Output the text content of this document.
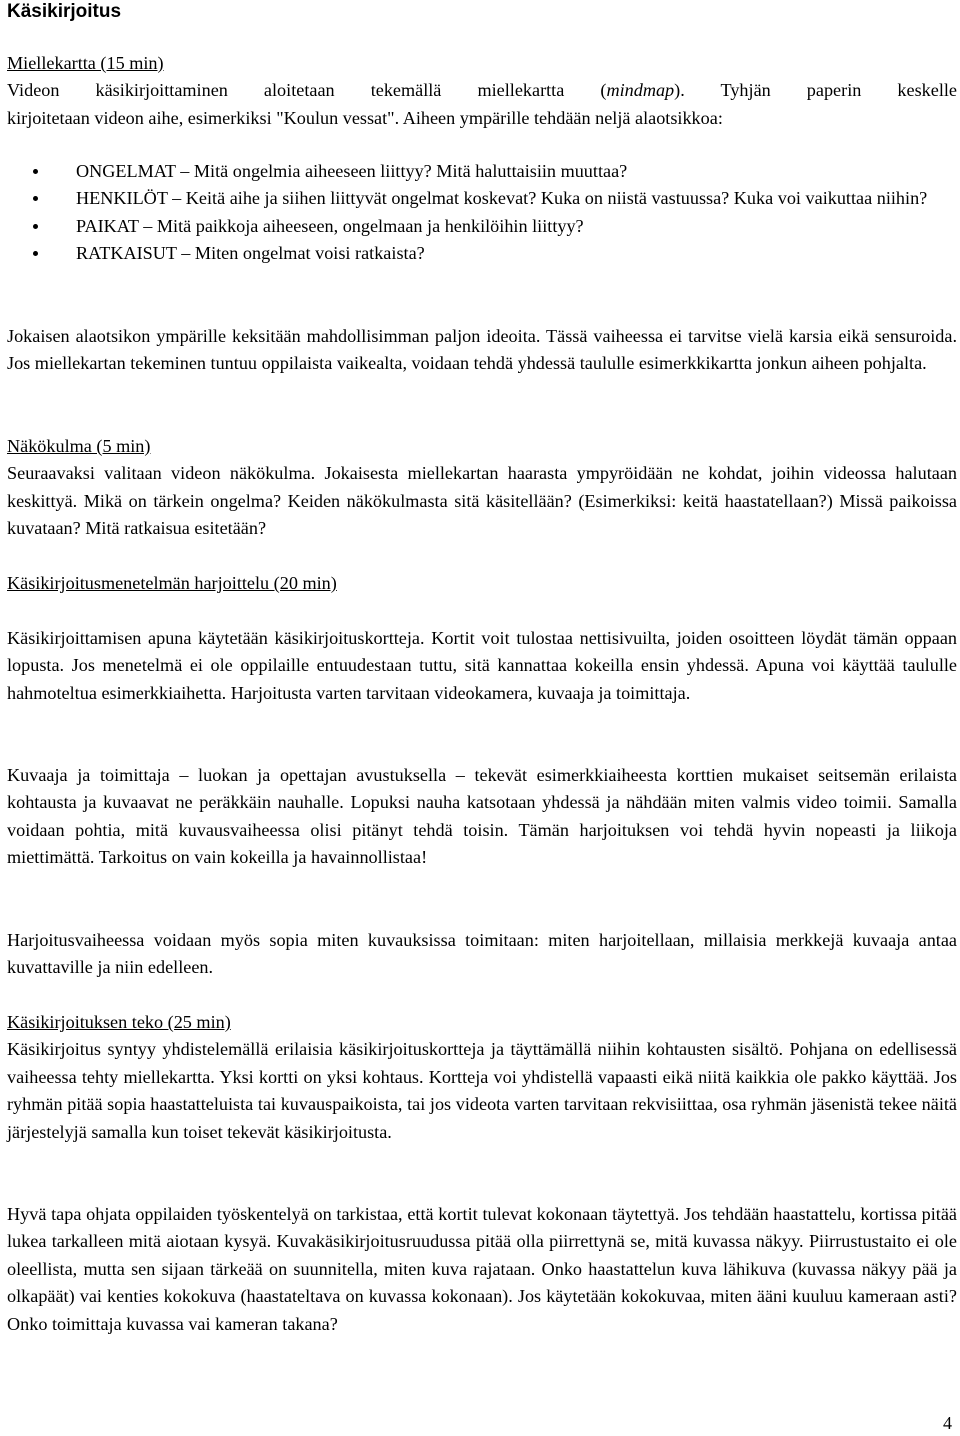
Käsikirjoitus
Miellekartta (15 min)

Videon käsikirjoittaminen aloitetaan tekemällä miellekartta (mindmap). Tyhjän paperin keskelle

kirjoitetaan videon aihe, esimerkiksi "Koulun vessat". Aiheen ympärille tehdään neljä alaotsikkoa:

ONGELMAT – Mitä ongelmia aiheeseen liittyy? Mitä haluttaisiin muuttaa?
HENKILÖT – Keitä aihe ja siihen liittyvät ongelmat koskevat? Kuka on niistä vastuussa? Kuka voi vaikuttaa niihin?
PAIKAT – Mitä paikkoja aiheeseen, ongelmaan ja henkilöihin liittyy?
RATKAISUT – Miten ongelmat voisi ratkaista?

Jokaisen alaotsikon ympärille keksitään mahdollisimman paljon ideoita. Tässä vaiheessa ei tarvitse vielä karsia eikä sensuroida. Jos miellekartan tekeminen tuntuu oppilaista vaikealta, voidaan tehdä yhdessä taululle esimerkkikartta jonkun aiheen pohjalta.

Näkökulma (5 min)

Seuraavaksi valitaan videon näkökulma. Jokaisesta miellekartan haarasta ympyröidään ne kohdat, joihin videossa halutaan keskittyä. Mikä on tärkein ongelma? Keiden näkökulmasta sitä käsitellään? (Esimerkiksi: keitä haastatellaan?) Missä paikoissa kuvataan? Mitä ratkaisua esitetään?

Käsikirjoitusmenetelmän harjoittelu (20 min)

Käsikirjoittamisen apuna käytetään käsikirjoituskortteja. Kortit voit tulostaa nettisivuilta, joiden osoitteen löydät tämän oppaan lopusta. Jos menetelmä ei ole oppilaille entuudestaan tuttu, sitä kannattaa kokeilla ensin yhdessä. Apuna voi käyttää taululle hahmoteltua esimerkkiaihetta. Harjoitusta varten tarvitaan videokamera, kuvaaja ja toimittaja.

Kuvaaja ja toimittaja – luokan ja opettajan avustuksella – tekevät esimerkkiaiheesta korttien mukaiset seitsemän erilaista kohtausta ja kuvaavat ne peräkkäin nauhalle. Lopuksi nauha katsotaan yhdessä ja nähdään miten valmis video toimii. Samalla voidaan pohtia, mitä kuvausvaiheessa olisi pitänyt tehdä toisin. Tämän harjoituksen voi tehdä hyvin nopeasti ja liikoja miettimättä. Tarkoitus on vain kokeilla ja havainnollistaa!

Harjoitusvaiheessa voidaan myös sopia miten kuvauksissa toimitaan: miten harjoitellaan, millaisia merkkejä kuvaaja antaa kuvattaville ja niin edelleen.

Käsikirjoituksen teko (25 min)

Käsikirjoitus syntyy yhdistelemällä erilaisia käsikirjoituskortteja ja täyttämällä niihin kohtausten sisältö. Pohjana on edellisessä vaiheessa tehty miellekartta. Yksi kortti on yksi kohtaus. Kortteja voi yhdistellä vapaasti eikä niitä kaikkia ole pakko käyttää. Jos ryhmän pitää sopia haastatteluista tai kuvauspaikoista, tai jos videota varten tarvitaan rekvisiittaa, osa ryhmän jäsenistä tekee näitä järjestelyjä samalla kun toiset tekevät käsikirjoitusta.

Hyvä tapa ohjata oppilaiden työskentelyä on tarkistaa, että kortit tulevat kokonaan täytettyä. Jos tehdään haastattelu, kortissa pitää lukea tarkalleen mitä aiotaan kysyä. Kuvakäsikirjoitusruudussa pitää olla piirrettynä se, mitä kuvassa näkyy. Piirrustustaito ei ole oleellista, mutta sen sijaan tärkeää on suunnitella, miten kuva rajataan. Onko haastattelun kuva lähikuva (kuvassa näkyy pää ja olkapäät) vai kenties kokokuva (haastateltava on kuvassa kokonaan). Jos käytetään kokokuvaa, miten ääni kuuluu kameraan asti? Onko toimittaja kuvassa vai kameran takana?

4
